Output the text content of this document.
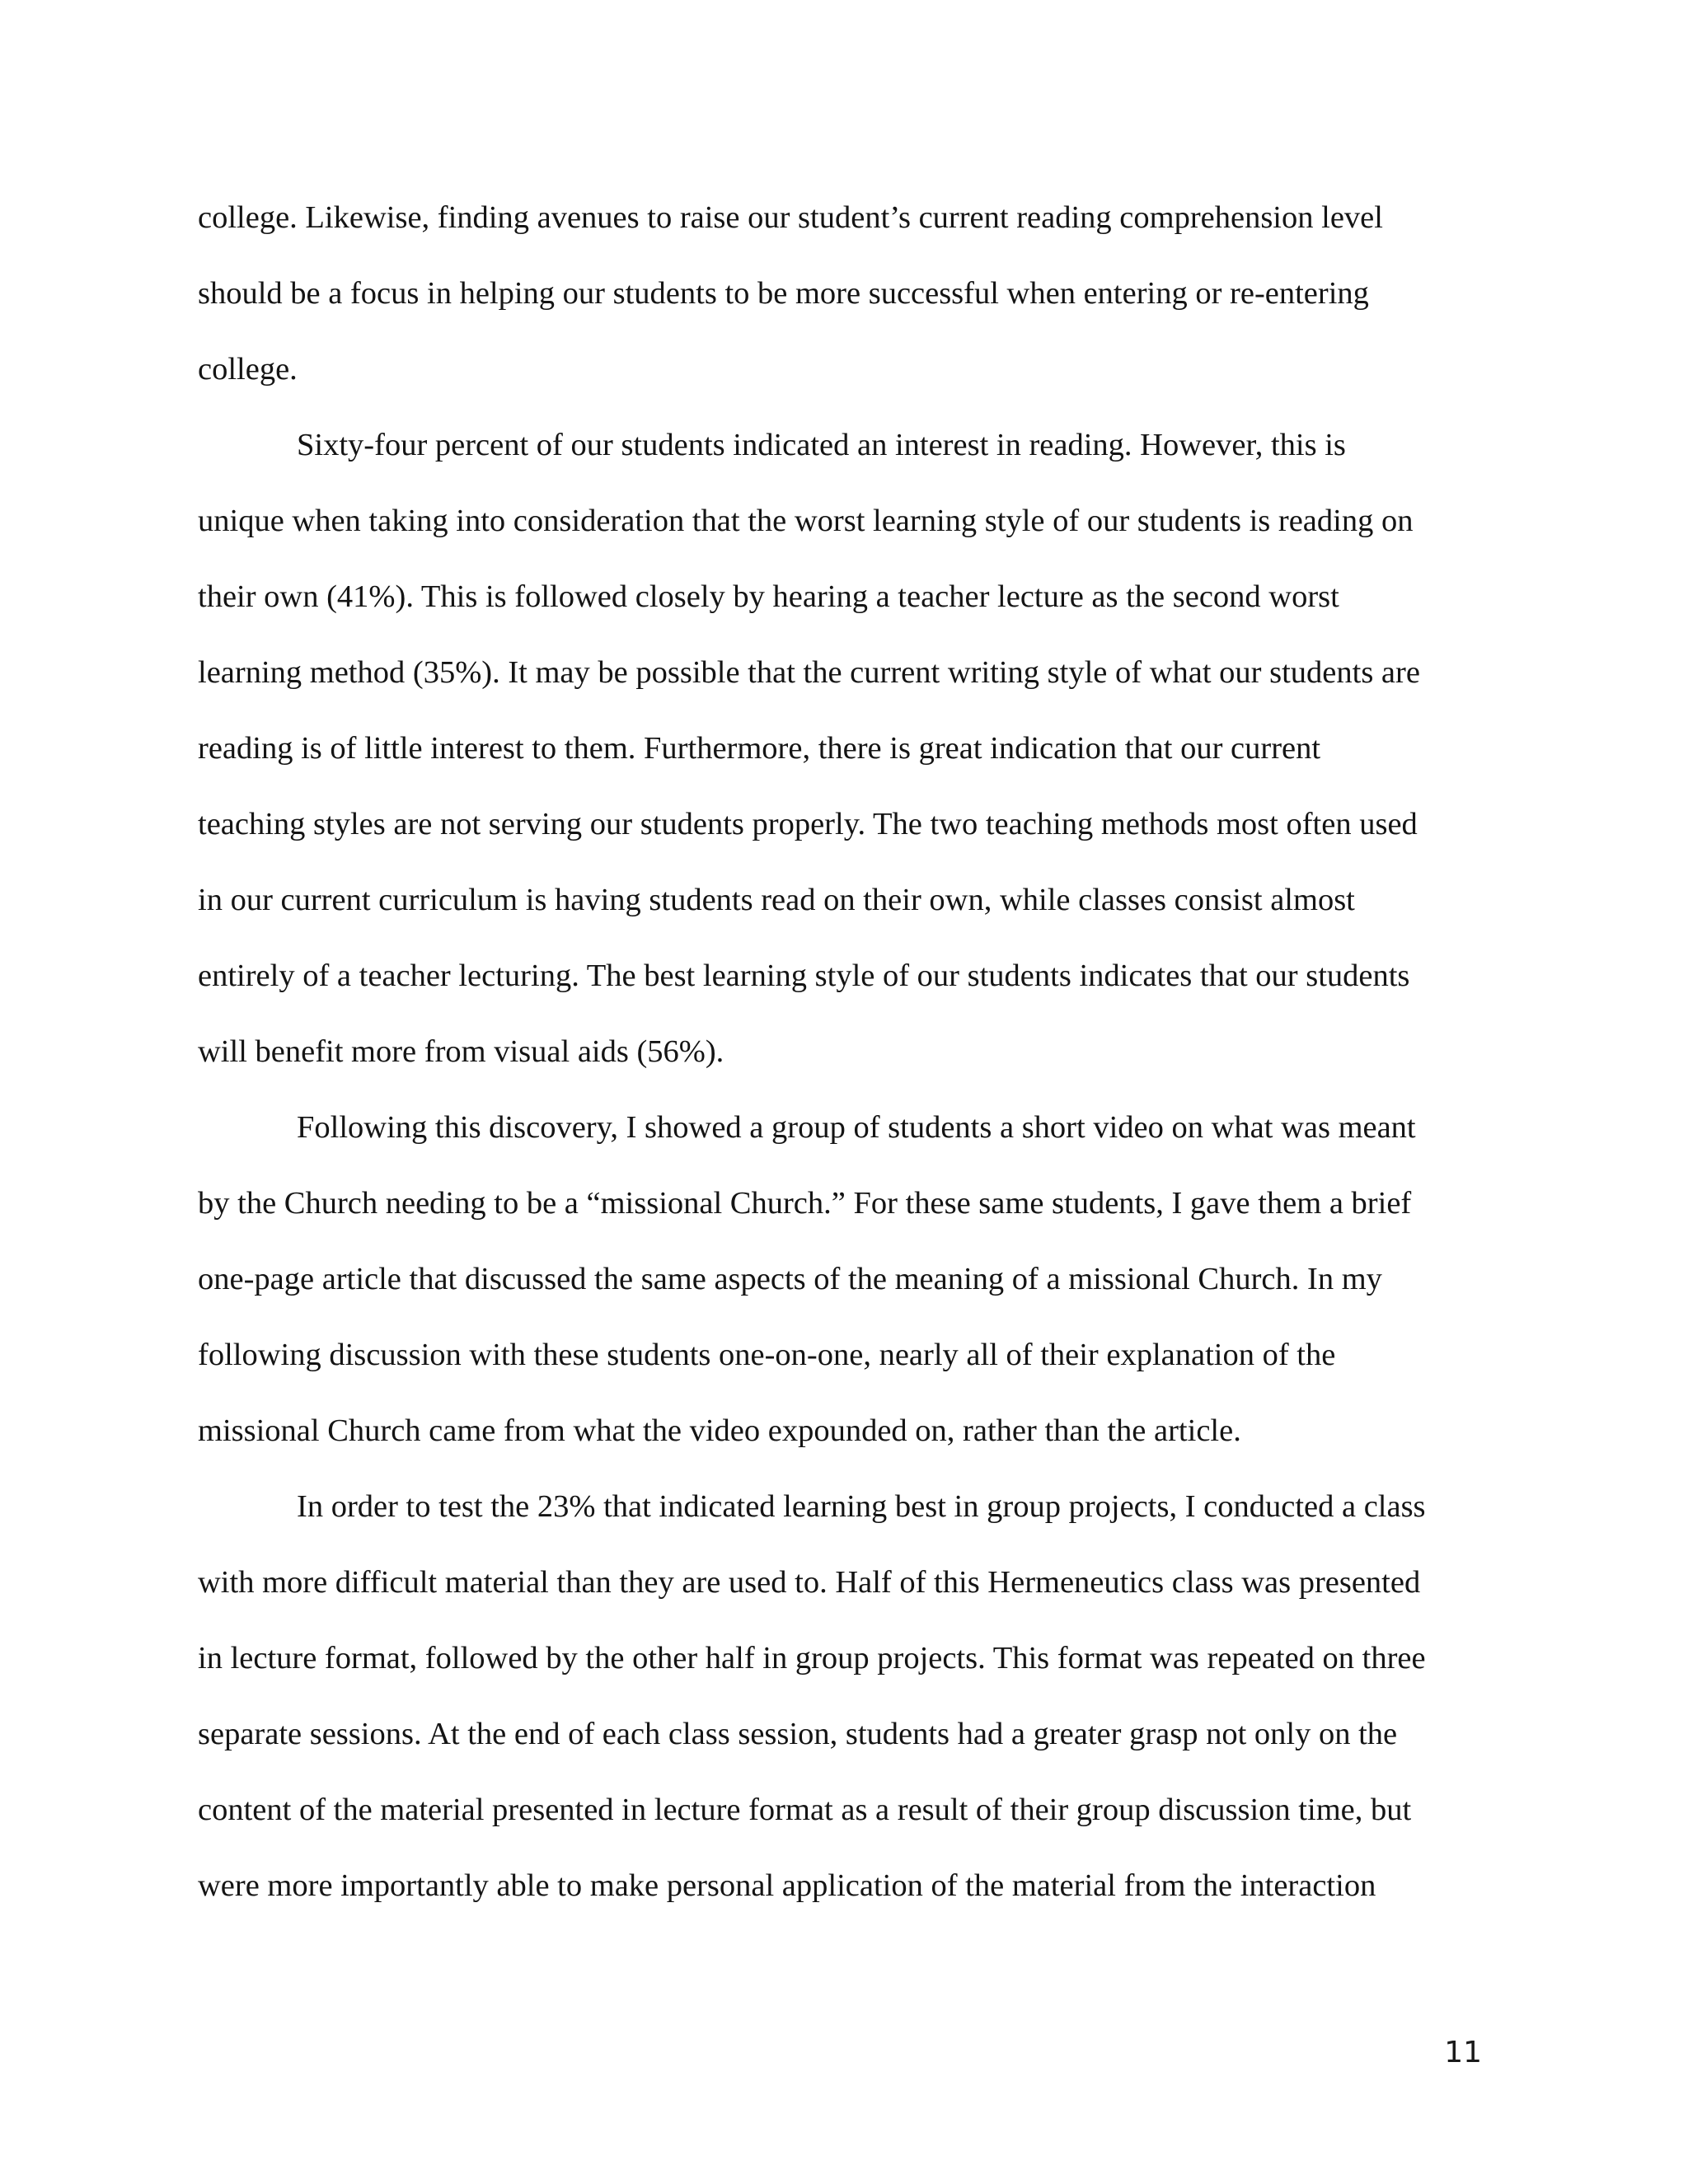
college. Likewise, finding avenues to raise our student’s current reading comprehension level
should be a focus in helping our students to be more successful when entering or re-entering
college.
Sixty-four percent of our students indicated an interest in reading. However, this is
unique when taking into consideration that the worst learning style of our students is reading on
their own (41%). This is followed closely by hearing a teacher lecture as the second worst
learning method (35%). It may be possible that the current writing style of what our students are
reading is of little interest to them. Furthermore, there is great indication that our current
teaching styles are not serving our students properly. The two teaching methods most often used
in our current curriculum is having students read on their own, while classes consist almost
entirely of a teacher lecturing. The best learning style of our students indicates that our students
will benefit more from visual aids (56%).
Following this discovery, I showed a group of students a short video on what was meant
by the Church needing to be a “missional Church.” For these same students, I gave them a brief
one-page article that discussed the same aspects of the meaning of a missional Church. In my
following discussion with these students one-on-one, nearly all of their explanation of the
missional Church came from what the video expounded on, rather than the article.
In order to test the 23% that indicated learning best in group projects, I conducted a class
with more difficult material than they are used to. Half of this Hermeneutics class was presented
in lecture format, followed by the other half in group projects. This format was repeated on three
separate sessions. At the end of each class session, students had a greater grasp not only on the
content of the material presented in lecture format as a result of their group discussion time, but
were more importantly able to make personal application of the material from the interaction
11
